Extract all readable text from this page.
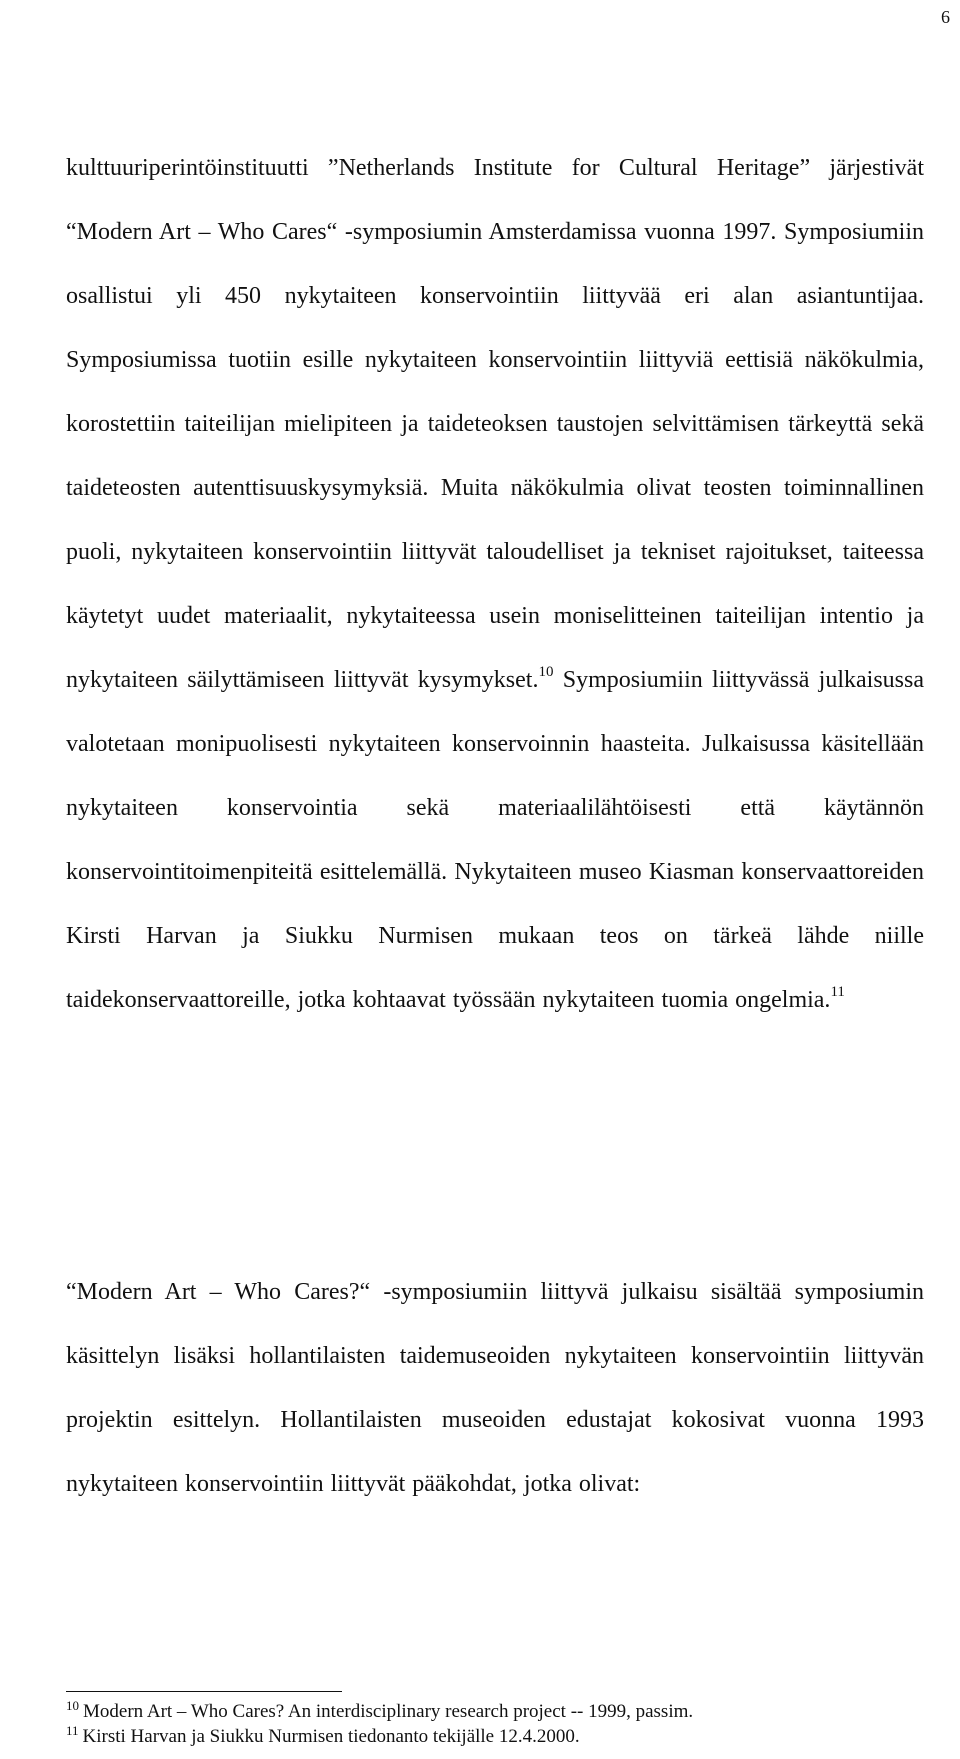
6

kulttuuriperintöinstituutti ”Netherlands Institute for Cultural Heritage” järjestivät “Modern Art – Who Cares“ -symposiumin Amsterdamissa vuonna 1997. Symposiumiin osallistui yli 450 nykytaiteen konservointiin liittyvää eri alan asiantuntijaa. Symposiumissa tuotiin esille nykytaiteen konservointiin liittyviä eettisiä näkökulmia, korostettiin taiteilijan mielipiteen ja taideteoksen taustojen selvittämisen tärkeyttä sekä taideteosten autenttisuuskysymyksiä. Muita näkökulmia olivat teosten toiminnallinen puoli, nykytaiteen konservointiin liittyvät taloudelliset ja tekniset rajoitukset, taiteessa käytetyt uudet materiaalit, nykytaiteessa usein moniselitteinen taiteilijan intentio ja nykytaiteen säilyttämiseen liittyvät kysymykset.$^{10}$ Symposiumiin liittyvässä julkaisussa valotetaan monipuolisesti nykytaiteen konservoinnin haasteita. Julkaisussa käsitellään nykytaiteen konservointia sekä materiaalilähtöisesti että käytännön konservointitoimenpiteitä esittelemällä. Nykytaiteen museo Kiasman konservaattoreiden Kirsti Harvan ja Siukku Nurmisen mukaan teos on tärkeä lähde niille taidekonservaattoreille, jotka kohtaavat työssään nykytaiteen tuomia ongelmia.$^{11}$

“Modern Art – Who Cares?“ -symposiumiin liittyvä julkaisu sisältää symposiumin käsittelyn lisäksi hollantilaisten taidemuseoiden nykytaiteen konservointiin liittyvän projektin esittelyn. Hollantilaisten museoiden edustajat kokosivat vuonna 1993 nykytaiteen konservointiin liittyvät pääkohdat, jotka olivat:

$^{10}$ Modern Art – Who Cares? An interdisciplinary research project -- 1999, passim.
$^{11}$ Kirsti Harvan ja Siukku Nurmisen tiedonanto tekijälle 12.4.2000.
